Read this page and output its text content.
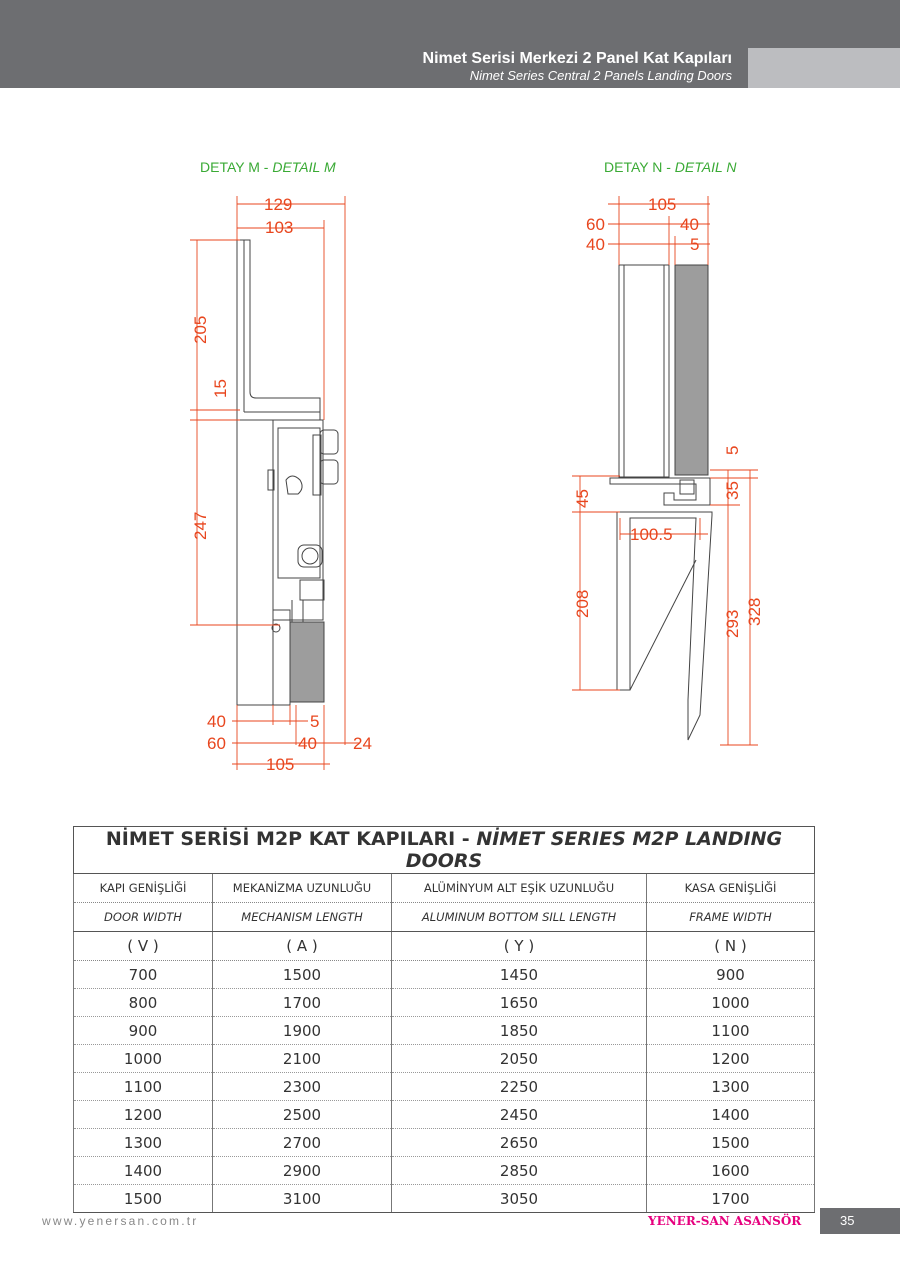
Nimet Serisi Merkezi 2 Panel Kat Kapıları
Nimet Series Central 2 Panels Landing Doors
DETAY M - DETAIL M
129
103
205
15
247
40	5
60	40 24
105
DETAY N - DETAIL N
105
60	40
40	5
5
35
293 328
45
208
100.5
NİMET SERİSİ M2P KAT KAPILARI - NİMET SERIES M2P LANDING DOORS			
KAPI GENİŞLİĞİ	MEKANİZMA UZUNLUĞU	ALÜMİNYUM ALT EŞİK UZUNLUĞU	KASA GENİŞLİĞİ
DOOR WIDTH	MECHANISM LENGTH	ALUMINUM BOTTOM SILL LENGTH	FRAME WIDTH
( V )	( A )	( Y )	( N )
700	1500	1450	900
800	1700	1650	1000
900	1900	1850	1100
1000	2100	2050	1200
1100	2300	2250	1300
1200	2500	2450	1400
1300	2700	2650	1500
1400	2900	2850	1600
1500	3100	3050	1700
www.yenersan.com.tr	YENER-SAN ASANSÖR	35
